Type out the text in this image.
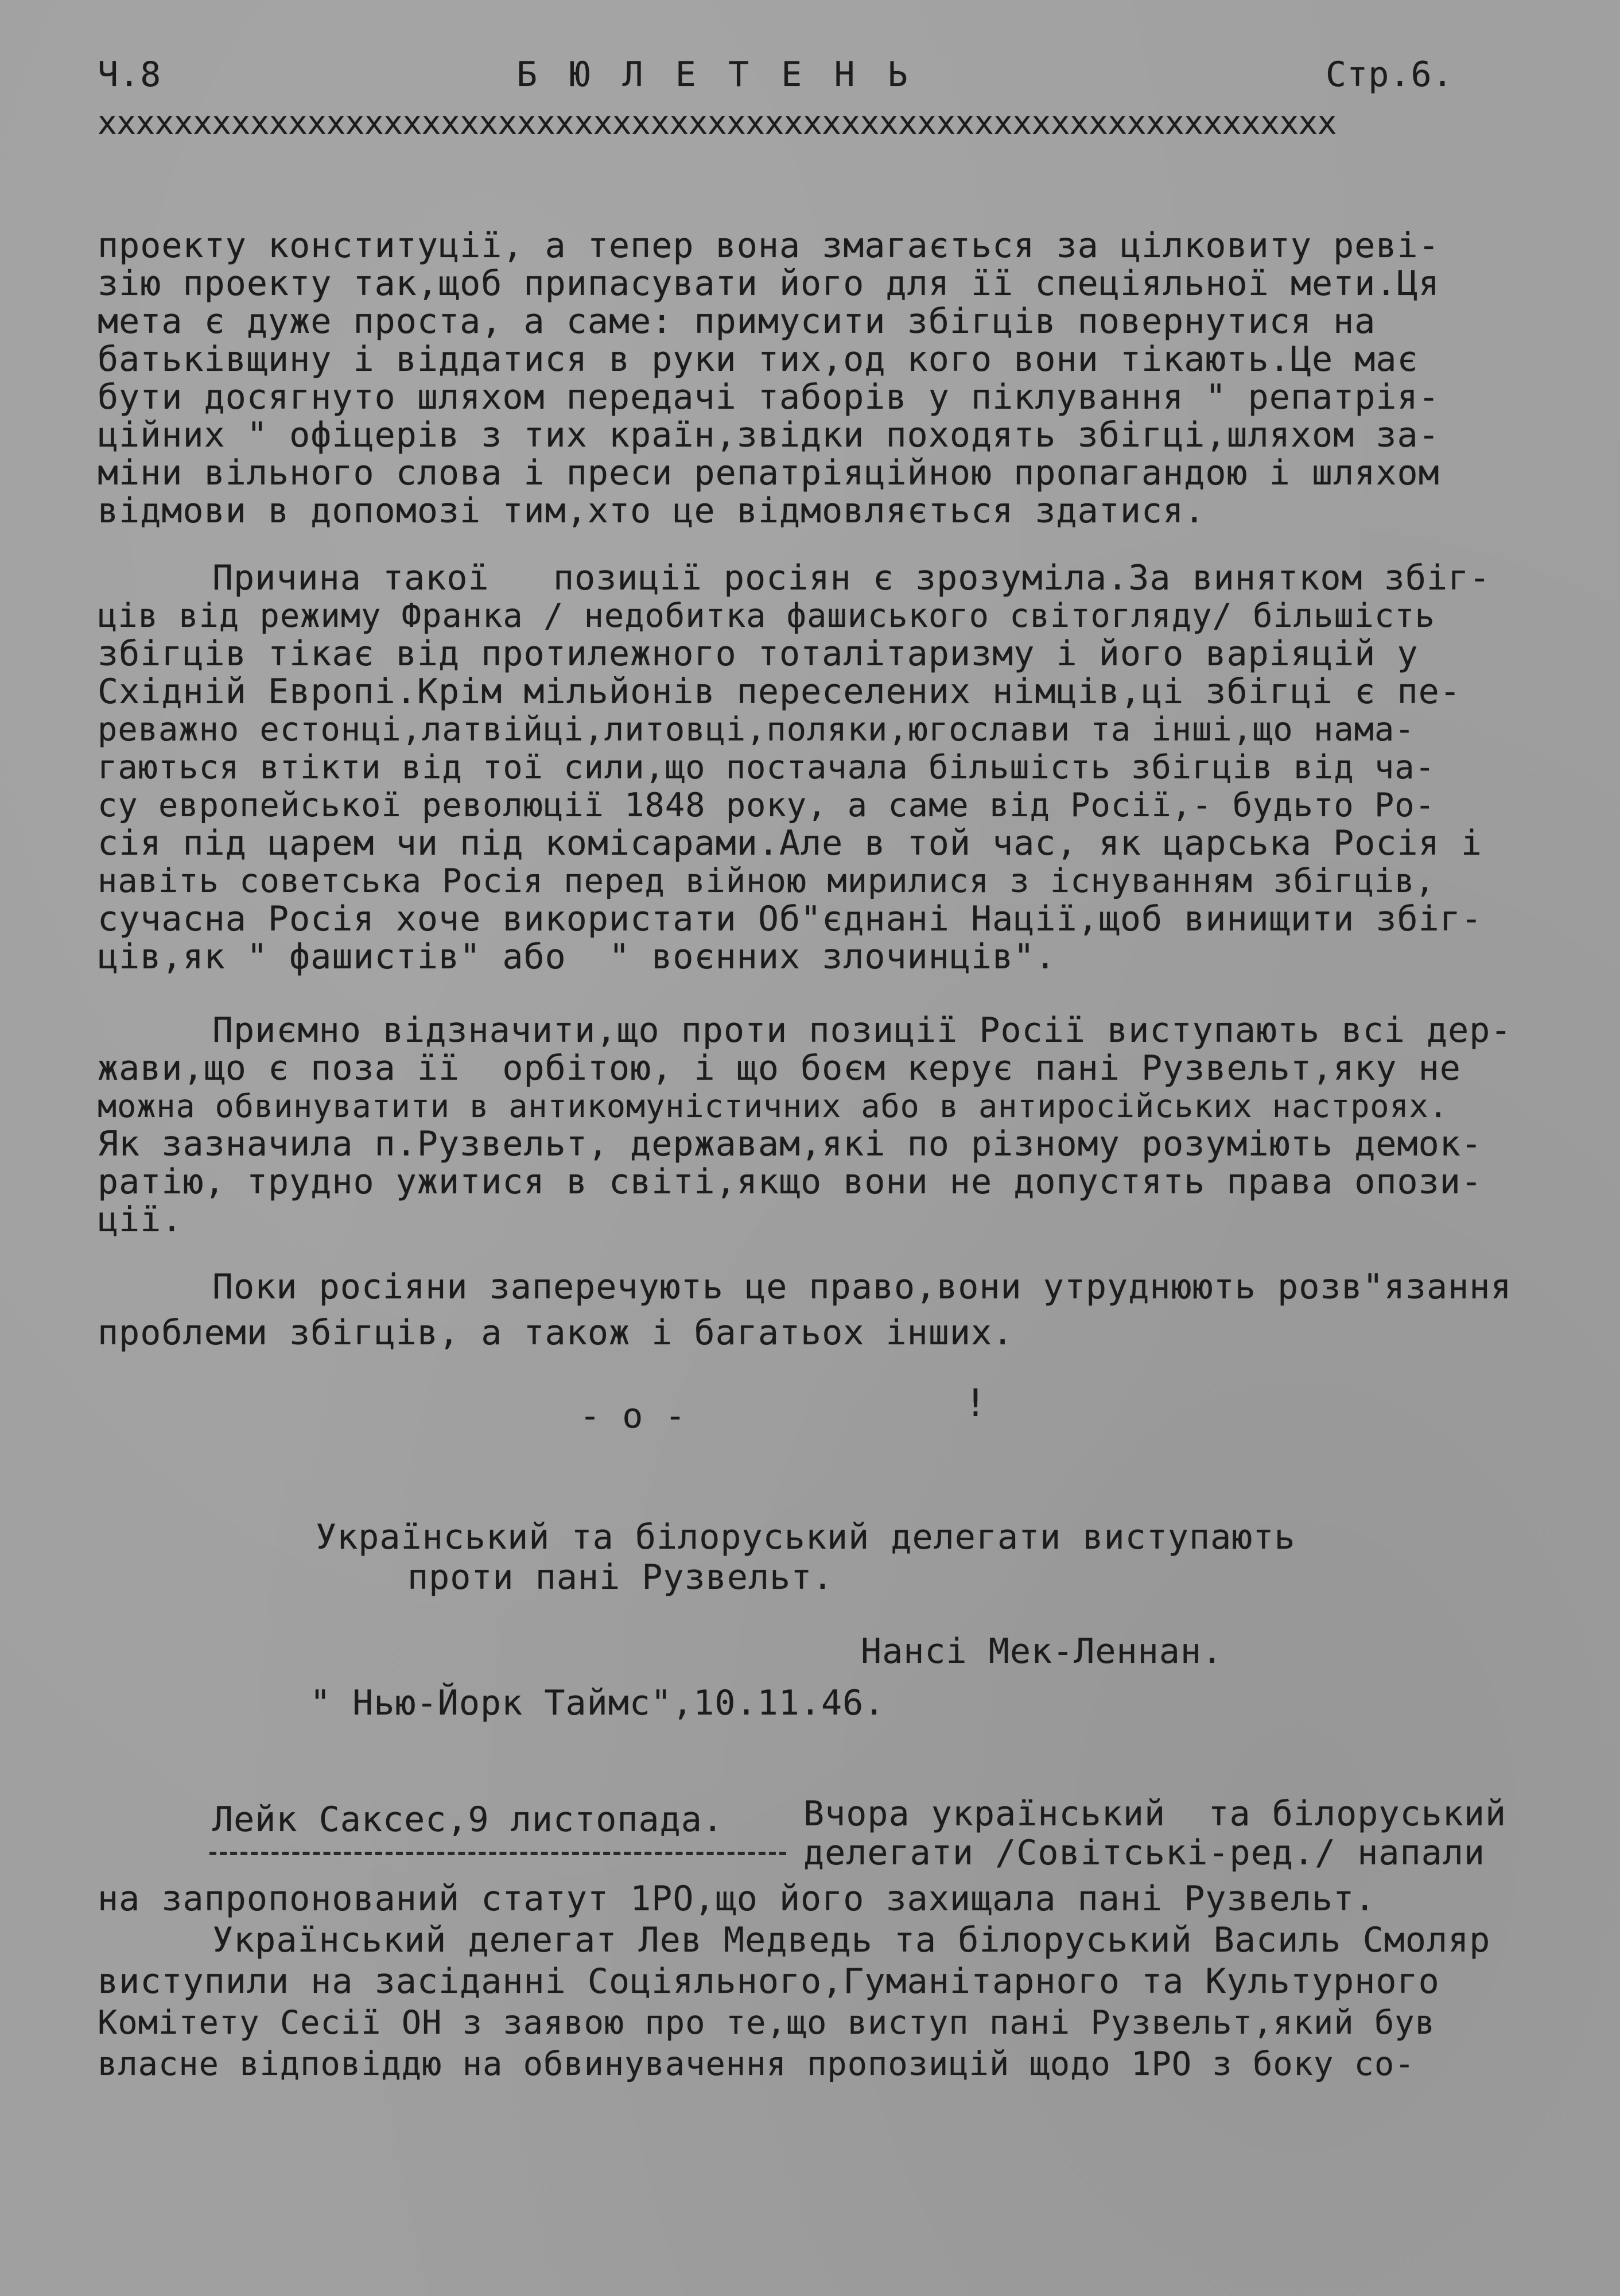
Ч.8	Б Ю Л Е Т Е Н Ь	Стр.6.
xxxxxxxxxxxxxxxxxxxxxxxxxxxxxxxxxxxxxxxxxxxxxxxxxxxxxxxxxxxxxxxxx
проекту конституції, а тепер вона змагається за цілковиту реві-
зію проекту так,щоб припасувати його для її спеціяльної мети.Ця
мета є дуже проста, а саме: примусити збігців повернутися на
батьківщину і віддатися в руки тих,од кого вони тікають.Це має
бути досягнуто шляхом передачі таборів у піклування " репатрія-
ційних " офіцерів з тих країн,звідки походять збігці,шляхом за-
міни вільного слова і преси репатріяційною пропагандою і шляхом
відмови в допомозі тим,хто це відмовляється здатися.
Причина такої   позиції росіян є зрозуміла.За винятком збіг-
ців від режиму Франка / недобитка фашиського світогляду/ більшість
збігців тікає від протилежного тоталітаризму і його варіяцій у
Східній Европі.Крім мільйонів переселених німців,ці збігці є пе-
реважно естонці,латвійці,литовці,поляки,югослави та інші,що нама-
гаються втікти від тої сили,що постачала більшість збігців від ча-
су европейської революції 1848 року, а саме від Росії,- будьто Ро-
сія під царем чи під комісарами.Але в той час, як царська Росія і
навіть советська Росія перед війною мирилися з існуванням збігців,
сучасна Росія хоче використати Об"єднані Нації,щоб винищити збіг-
ців,як " фашистів" або  " воєнних злочинців".
Приємно відзначити,що проти позиції Росії виступають всі дер-
жави,що є поза її  орбітою, і що боєм керує пані Рузвельт,яку не
можна обвинуватити в антикомуністичних або в антиросійських настроях.
Як зазначила п.Рузвельт, державам,які по різному розуміють демок-
ратію, трудно ужитися в світі,якщо вони не допустять права опози-
ції.
Поки росіяни заперечують це право,вони утруднюють розв"язання
проблеми збігців, а також і багатьох інших.
- о -	!
Український та білоруський делегати виступають
проти пані Рузвельт.
Нансі Мек-Леннан.
" Нью-Йорк Таймс",10.11.46.
Лейк Саксес,9 листопада. Вчора український  та білоруський
делегати /Совітські-ред./ напали
на запропонований статут 1РО,що його захищала пані Рузвельт.
Український делегат Лев Медведь та білоруський Василь Смоляр
виступили на засіданні Соціяльного,Гуманітарного та Культурного
Комітету Сесії ОН з заявою про те,що виступ пані Рузвельт,який був
власне відповіддю на обвинувачення пропозицій щодо 1РО з боку со-
